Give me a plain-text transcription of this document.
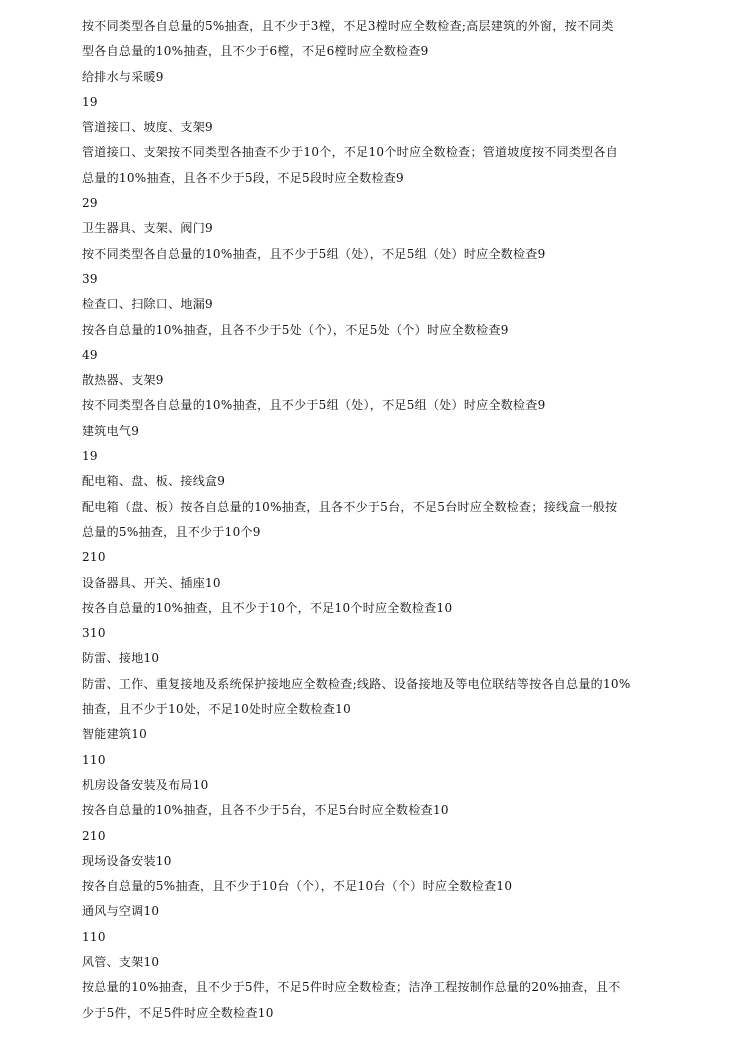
按不同类型各自总量的5%抽查，且不少于3樘，不足3樘时应全数检查;高层建筑的外窗，按不同类
型各自总量的10%抽查，且不少于6樘，不足6樘时应全数检查9
给排水与采暖9
19
管道接口、坡度、支架9
管道接口、支架按不同类型各抽查不少于10个，不足10个时应全数检查；管道坡度按不同类型各自
总量的10%抽查，且各不少于5段，不足5段时应全数检查9
29
卫生器具、支架、阀门9
按不同类型各自总量的10%抽查，且不少于5组（处），不足5组（处）时应全数检查9
39
检查口、扫除口、地漏9
按各自总量的10%抽查，且各不少于5处（个），不足5处（个）时应全数检查9
49
散热器、支架9
按不同类型各自总量的10%抽查，且不少于5组（处），不足5组（处）时应全数检查9
建筑电气9
19
配电箱、盘、板、接线盒9
配电箱（盘、板）按各自总量的10%抽查，且各不少于5台，不足5台时应全数检查；接线盒一般按
总量的5%抽查，且不少于10个9
210
设备器具、开关、插座10
按各自总量的10%抽查，且不少于10个，不足10个时应全数检查10
310
防雷、接地10
防雷、工作、重复接地及系统保护接地应全数检查;线路、设备接地及等电位联结等按各自总量的10%
抽查，且不少于10处，不足10处时应全数检查10
智能建筑10
110
机房设备安装及布局10
按各自总量的10%抽查，且各不少于5台，不足5台时应全数检查10
210
现场设备安装10
按各自总量的5%抽查，且不少于10台（个），不足10台（个）时应全数检查10
通风与空调10
110
风管、支架10
按总量的10%抽查，且不少于5件，不足5件时应全数检查；洁净工程按制作总量的20%抽查，且不
少于5件，不足5件时应全数检查10
